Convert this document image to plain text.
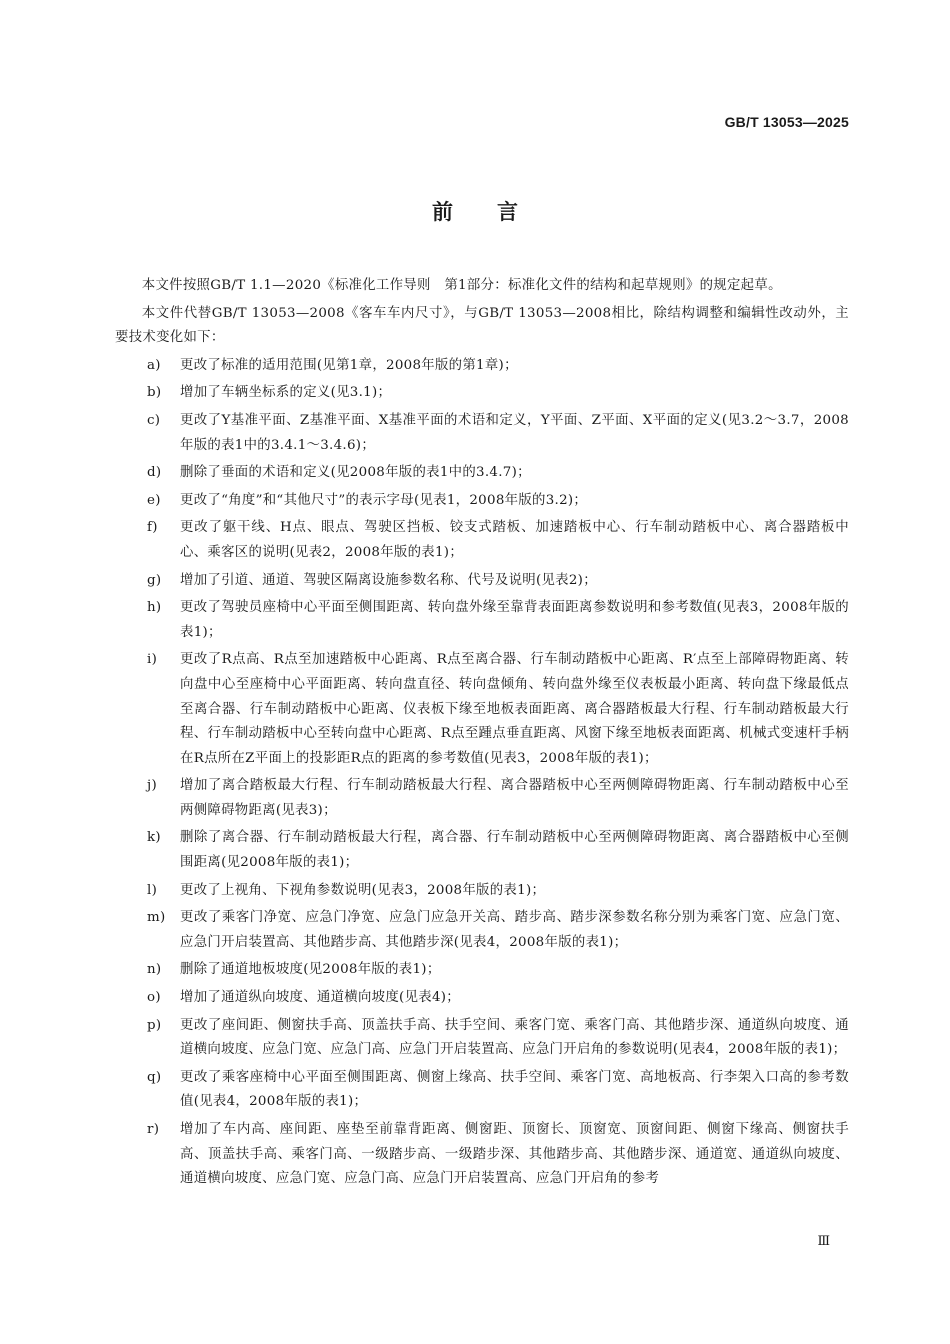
GB/T 13053—2025
前言

本文件按照GB/T 1.1—2020《标准化工作导则　第1部分：标准化文件的结构和起草规则》的规定起草。

本文件代替GB/T 13053—2008《客车车内尺寸》，与GB/T 13053—2008相比，除结构调整和编辑性改动外，主要技术变化如下：

a) 更改了标准的适用范围(见第1章，2008年版的第1章)；
b) 增加了车辆坐标系的定义(见3.1)；
c) 更改了Y基准平面、Z基准平面、X基准平面的术语和定义，Y平面、Z平面、X平面的定义(见3.2～3.7，2008年版的表1中的3.4.1～3.4.6)；
d) 删除了垂面的术语和定义(见2008年版的表1中的3.4.7)；
e) 更改了“角度”和“其他尺寸”的表示字母(见表1，2008年版的3.2)；
f) 更改了躯干线、H点、眼点、驾驶区挡板、铰支式踏板、加速踏板中心、行车制动踏板中心、离合器踏板中心、乘客区的说明(见表2，2008年版的表1)；
g) 增加了引道、通道、驾驶区隔离设施参数名称、代号及说明(见表2)；
h) 更改了驾驶员座椅中心平面至侧围距离、转向盘外缘至靠背表面距离参数说明和参考数值(见表3，2008年版的表1)；
i) 更改了R点高、R点至加速踏板中心距离、R点至离合器、行车制动踏板中心距离、R′点至上部障碍物距离、转向盘中心至座椅中心平面距离、转向盘直径、转向盘倾角、转向盘外缘至仪表板最小距离、转向盘下缘最低点至离合器、行车制动踏板中心距离、仪表板下缘至地板表面距离、离合器踏板最大行程、行车制动踏板最大行程、行车制动踏板中心至转向盘中心距离、R点至踵点垂直距离、风窗下缘至地板表面距离、机械式变速杆手柄在R点所在Z平面上的投影距R点的距离的参考数值(见表3，2008年版的表1)；
j) 增加了离合踏板最大行程、行车制动踏板最大行程、离合器踏板中心至两侧障碍物距离、行车制动踏板中心至两侧障碍物距离(见表3)；
k) 删除了离合器、行车制动踏板最大行程，离合器、行车制动踏板中心至两侧障碍物距离、离合器踏板中心至侧围距离(见2008年版的表1)；
l) 更改了上视角、下视角参数说明(见表3，2008年版的表1)；
m) 更改了乘客门净宽、应急门净宽、应急门应急开关高、踏步高、踏步深参数名称分别为乘客门宽、应急门宽、应急门开启装置高、其他踏步高、其他踏步深(见表4，2008年版的表1)；
n) 删除了通道地板坡度(见2008年版的表1)；
o) 增加了通道纵向坡度、通道横向坡度(见表4)；
p) 更改了座间距、侧窗扶手高、顶盖扶手高、扶手空间、乘客门宽、乘客门高、其他踏步深、通道纵向坡度、通道横向坡度、应急门宽、应急门高、应急门开启装置高、应急门开启角的参数说明(见表4，2008年版的表1)；
q) 更改了乘客座椅中心平面至侧围距离、侧窗上缘高、扶手空间、乘客门宽、高地板高、行李架入口高的参考数值(见表4，2008年版的表1)；
r) 增加了车内高、座间距、座垫至前靠背距离、侧窗距、顶窗长、顶窗宽、顶窗间距、侧窗下缘高、侧窗扶手高、顶盖扶手高、乘客门高、一级踏步高、一级踏步深、其他踏步高、其他踏步深、通道宽、通道纵向坡度、通道横向坡度、应急门宽、应急门高、应急门开启装置高、应急门开启角的参考
Ⅲ
